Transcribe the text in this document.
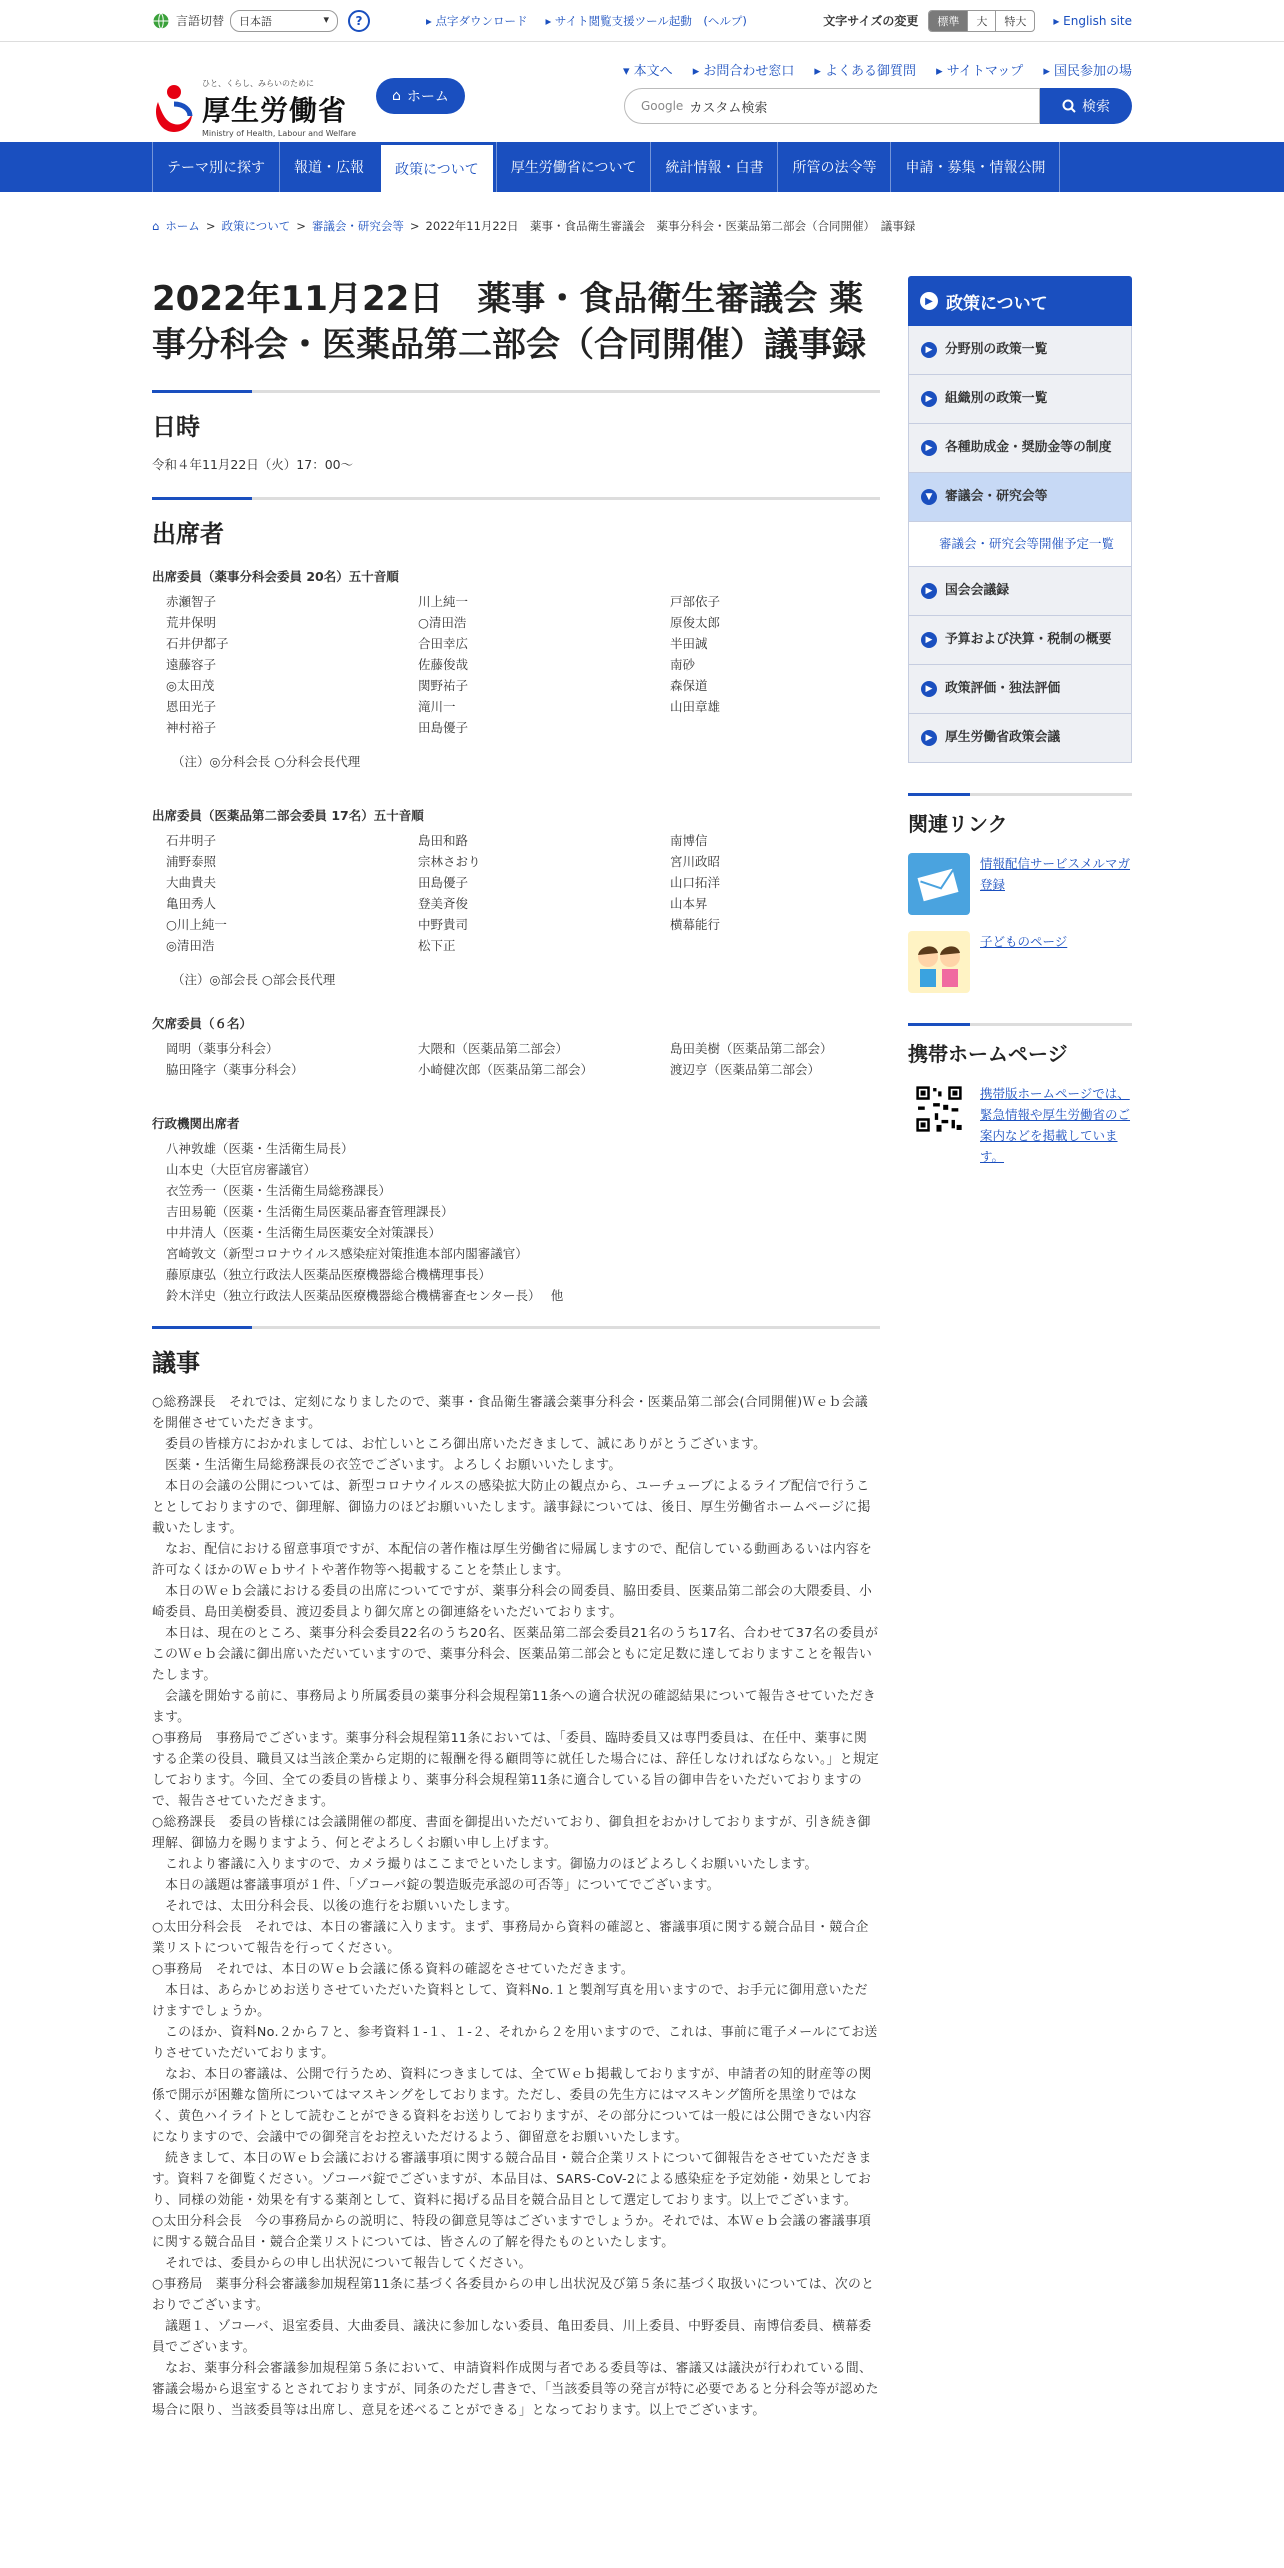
言語切替 日本語	▾	?	▸ 点字ダウンロード ▸ サイト閲覧支援ツール起動　(ヘルプ)	文字サイズの変更	標準	大	特大	▸ English site
ひと、くらし、みらいのために
厚生労働省
Ministry of Health, Labour and Welfare
⌂ ホーム
▾ 本文へ ▸ お問合わせ窓口 ▸ よくある御質問 ▸ サイトマップ ▸ 国民参加の場
Google カスタム検索	検索
テーマ別に探す	報道・広報	政策について	厚生労働省について	統計情報・白書	所管の法令等	申請・募集・情報公開
⌂ ホーム > 政策について > 審議会・研究会等 > 2022年11月22日　薬事・食品衛生審議会　薬事分科会・医薬品第二部会（合同開催）　議事録
2022年11月22日　薬事・食品衛生審議会 薬事分科会・医薬品第二部会（合同開催）議事録
日時
令和４年11月22日（火）17：00～
出席者
出席委員（薬事分科会委員 20名）五十音順
赤瀬智子	川上純一	戸部依子
荒井保明	○清田浩	原俊太郎
石井伊都子	合田幸広	半田誠
遠藤容子	佐藤俊哉	南砂
◎太田茂	関野祐子	森保道
恩田光子	滝川一	山田章雄
神村裕子	田島優子
（注）◎分科会長 ○分科会長代理
出席委員（医薬品第二部会委員 17名）五十音順
石井明子	島田和路	南博信
浦野泰照	宗林さおり	宮川政昭
大曲貴夫	田島優子	山口拓洋
亀田秀人	登美斉俊	山本昇
○川上純一	中野貴司	横幕能行
◎清田浩	松下正
（注）◎部会長 ○部会長代理
欠席委員（６名）
岡明（薬事分科会）	大隈和（医薬品第二部会）	島田美樹（医薬品第二部会）
脇田隆字（薬事分科会）	小崎健次郎（医薬品第二部会）	渡辺亨（医薬品第二部会）
行政機関出席者
八神敦雄（医薬・生活衛生局長）
山本史（大臣官房審議官）
衣笠秀一（医薬・生活衛生局総務課長）
吉田易範（医薬・生活衛生局医薬品審査管理課長）
中井清人（医薬・生活衛生局医薬安全対策課長）
宮崎敦文（新型コロナウイルス感染症対策推進本部内閣審議官）
藤原康弘（独立行政法人医薬品医療機器総合機構理事長）
鈴木洋史（独立行政法人医薬品医療機器総合機構審査センター長）　 他
議事

○総務課長　それでは、定刻になりましたので、薬事・食品衛生審議会薬事分科会・医薬品第二部会(合同開催)Ｗｅｂ会議を開催させていただきます。

　委員の皆様方におかれましては、お忙しいところ御出席いただきまして、誠にありがとうございます。

　医薬・生活衛生局総務課長の衣笠でございます。よろしくお願いいたします。

　本日の会議の公開については、新型コロナウイルスの感染拡大防止の観点から、ユーチューブによるライブ配信で行うこととしておりますので、御理解、御協力のほどお願いいたします。議事録については、後日、厚生労働省ホームページに掲載いたします。

　なお、配信における留意事項ですが、本配信の著作権は厚生労働省に帰属しますので、配信している動画あるいは内容を許可なくほかのＷｅｂサイトや著作物等へ掲載することを禁止します。

　本日のＷｅｂ会議における委員の出席についてですが、薬事分科会の岡委員、脇田委員、医薬品第二部会の大隈委員、小崎委員、島田美樹委員、渡辺委員より御欠席との御連絡をいただいております。

　本日は、現在のところ、薬事分科会委員22名のうち20名、医薬品第二部会委員21名のうち17名、合わせて37名の委員がこのＷｅｂ会議に御出席いただいていますので、薬事分科会、医薬品第二部会ともに定足数に達しておりますことを報告いたします。

　会議を開始する前に、事務局より所属委員の薬事分科会規程第11条への適合状況の確認結果について報告させていただきます。

○事務局　事務局でございます。薬事分科会規程第11条においては、「委員、臨時委員又は専門委員は、在任中、薬事に関する企業の役員、職員又は当該企業から定期的に報酬を得る顧問等に就任した場合には、辞任しなければならない。」と規定しております。今回、全ての委員の皆様より、薬事分科会規程第11条に適合している旨の御申告をいただいておりますので、報告させていただきます。

○総務課長　委員の皆様には会議開催の都度、書面を御提出いただいており、御負担をおかけしておりますが、引き続き御理解、御協力を賜りますよう、何とぞよろしくお願い申し上げます。

　これより審議に入りますので、カメラ撮りはここまでといたします。御協力のほどよろしくお願いいたします。

　本日の議題は審議事項が１件、「ゾコーバ錠の製造販売承認の可否等」についてでございます。

　それでは、太田分科会長、以後の進行をお願いいたします。

○太田分科会長　それでは、本日の審議に入ります。まず、事務局から資料の確認と、審議事項に関する競合品目・競合企業リストについて報告を行ってください。

○事務局　それでは、本日のＷｅｂ会議に係る資料の確認をさせていただきます。

　本日は、あらかじめお送りさせていただいた資料として、資料No.１と製剤写真を用いますので、お手元に御用意いただけますでしょうか。

　このほか、資料No.２から７と、参考資料１-１、１-２、それから２を用いますので、これは、事前に電子メールにてお送りさせていただいております。

　なお、本日の審議は、公開で行うため、資料につきましては、全てＷｅｂ掲載しておりますが、申請者の知的財産等の関係で開示が困難な箇所についてはマスキングをしております。ただし、委員の先生方にはマスキング箇所を黒塗りではなく、黄色ハイライトとして読むことができる資料をお送りしておりますが、その部分については一般には公開できない内容になりますので、会議中での御発言をお控えいただけるよう、御留意をお願いいたします。

　続きまして、本日のＷｅｂ会議における審議事項に関する競合品目・競合企業リストについて御報告をさせていただきます。資料７を御覧ください。ゾコーバ錠でございますが、本品目は、SARS-CoV-2による感染症を予定効能・効果としており、同様の効能・効果を有する薬剤として、資料に掲げる品目を競合品目として選定しております。以上でございます。

○太田分科会長　今の事務局からの説明に、特段の御意見等はございますでしょうか。それでは、本Ｗｅｂ会議の審議事項に関する競合品目・競合企業リストについては、皆さんの了解を得たものといたします。

　それでは、委員からの申し出状況について報告してください。

○事務局　薬事分科会審議参加規程第11条に基づく各委員からの申し出状況及び第５条に基づく取扱いについては、次のとおりでございます。

　議題１、ゾコーバ、退室委員、大曲委員、議決に参加しない委員、亀田委員、川上委員、中野委員、南博信委員、横幕委員でございます。

　なお、薬事分科会審議参加規程第５条において、申請資料作成関与者である委員等は、審議又は議決が行われている間、審議会場から退室するとされておりますが、同条のただし書きで、「当該委員等の発言が特に必要であると分科会等が認めた場合に限り、当該委員等は出席し、意見を述べることができる」となっております。以上でございます。

▶ 政策について
▶ 分野別の政策一覧
▶ 組織別の政策一覧
▶ 各種助成金・奨励金等の制度
▼ 審議会・研究会等
審議会・研究会等開催予定一覧
▶ 国会会議録
▶ 予算および決算・税制の概要
▶ 政策評価・独法評価
▶ 厚生労働省政策会議
関連リンク
情報配信サービスメルマガ登録
子どものページ
携帯ホームページ
携帯版ホームページでは、緊急情報や厚生労働省のご案内などを掲載しています。
